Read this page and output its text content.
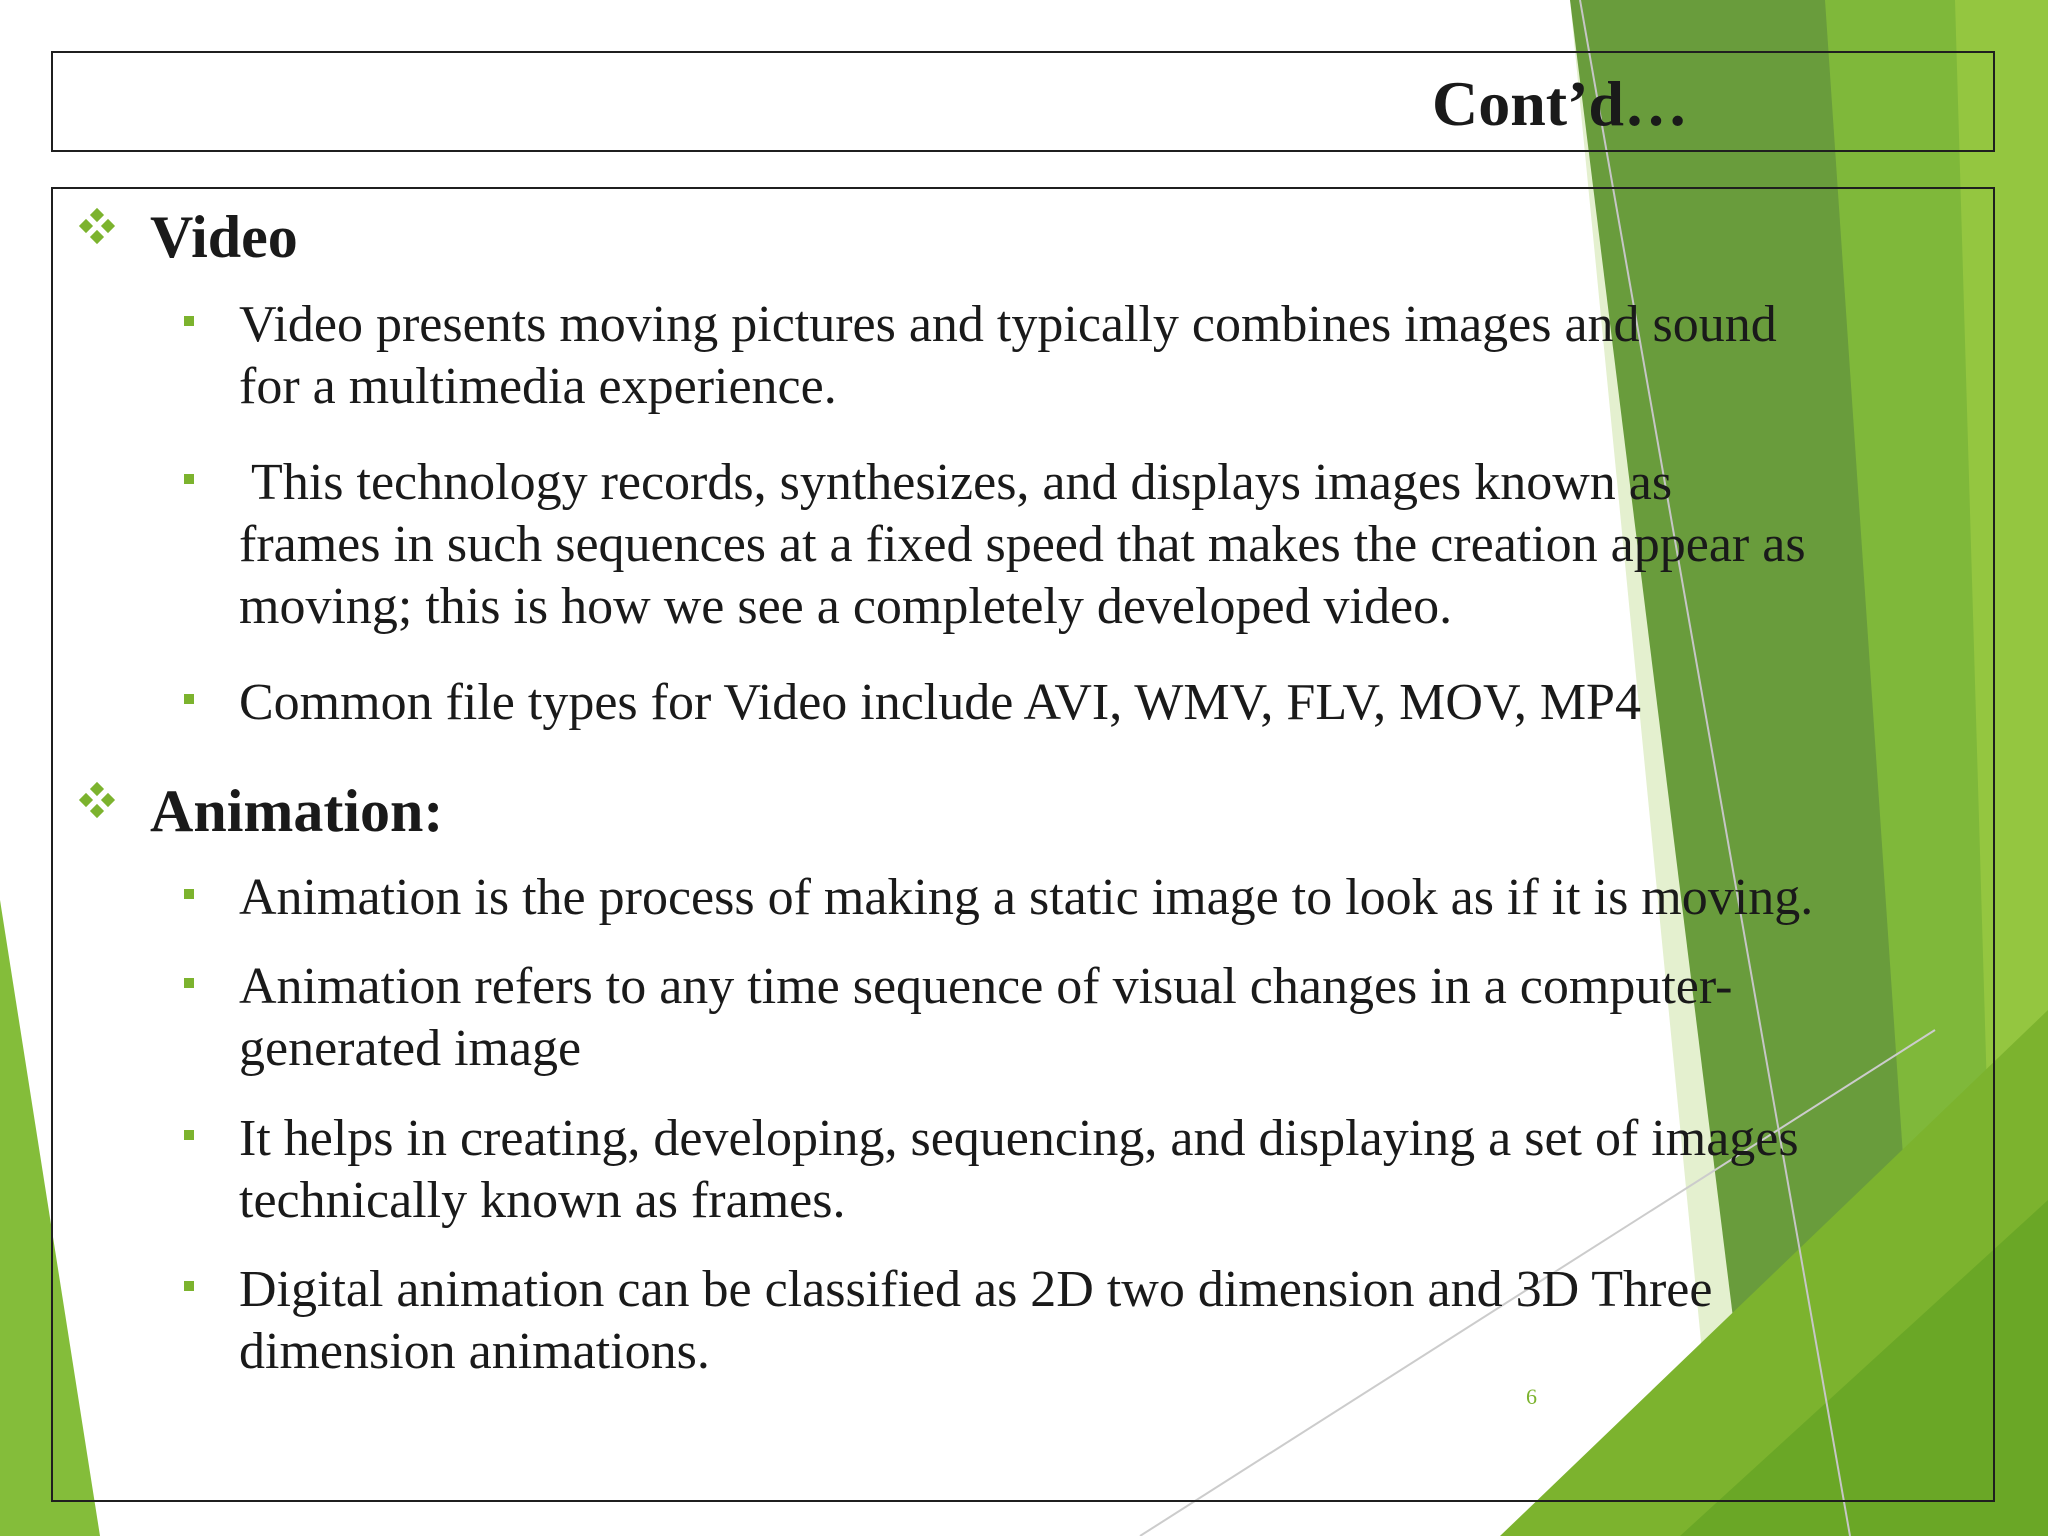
Cont’d…
Video
Video presents moving pictures and typically combines images and sound
for a multimedia experience.
This technology records, synthesizes, and displays images known as
frames in such sequences at a fixed speed that makes the creation appear as
moving; this is how we see a completely developed video.
Common file types for Video include AVI, WMV, FLV, MOV, MP4
Animation:
Animation is the process of making a static image to look as if it is moving.
Animation refers to any time sequence of visual changes in a computer-
generated image
It helps in creating, developing, sequencing, and displaying a set of images
technically known as frames.
Digital animation can be classified as 2D two dimension and 3D Three
dimension animations.
6
